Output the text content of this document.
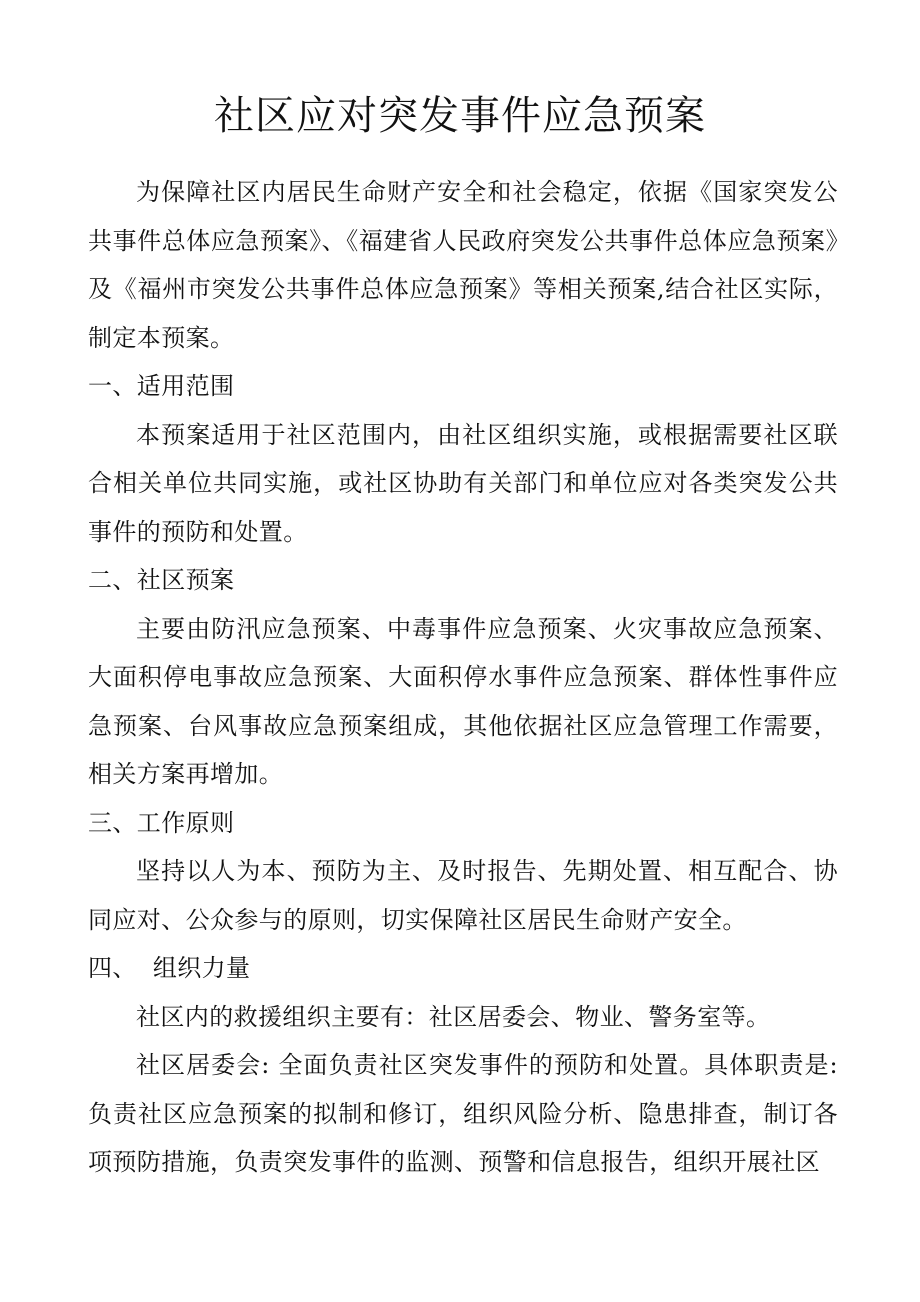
社区应对突发事件应急预案

为保障社区内居民生命财产安全和社会稳定，依据《国家突发公共事件总体应急预案》、《福建省人民政府突发公共事件总体应急预案》及《福州市突发公共事件总体应急预案》等相关预案,结合社区实际，制定本预案。

一、适用范围

本预案适用于社区范围内，由社区组织实施，或根据需要社区联合相关单位共同实施，或社区协助有关部门和单位应对各类突发公共事件的预防和处置。

二、社区预案

主要由防汛应急预案、中毒事件应急预案、火灾事故应急预案、大面积停电事故应急预案、大面积停水事件应急预案、群体性事件应急预案、台风事故应急预案组成，其他依据社区应急管理工作需要，相关方案再增加。

三、工作原则

坚持以人为本、预防为主、及时报告、先期处置、相互配合、协同应对、公众参与的原则，切实保障社区居民生命财产安全。

四、  组织力量

社区内的救援组织主要有：社区居委会、物业、警务室等。

社区居委会: 全面负责社区突发事件的预防和处置。具体职责是: 负责社区应急预案的拟制和修订，组织风险分析、隐患排查，制订各项预防措施，负责突发事件的监测、预警和信息报告，组织开展社区
